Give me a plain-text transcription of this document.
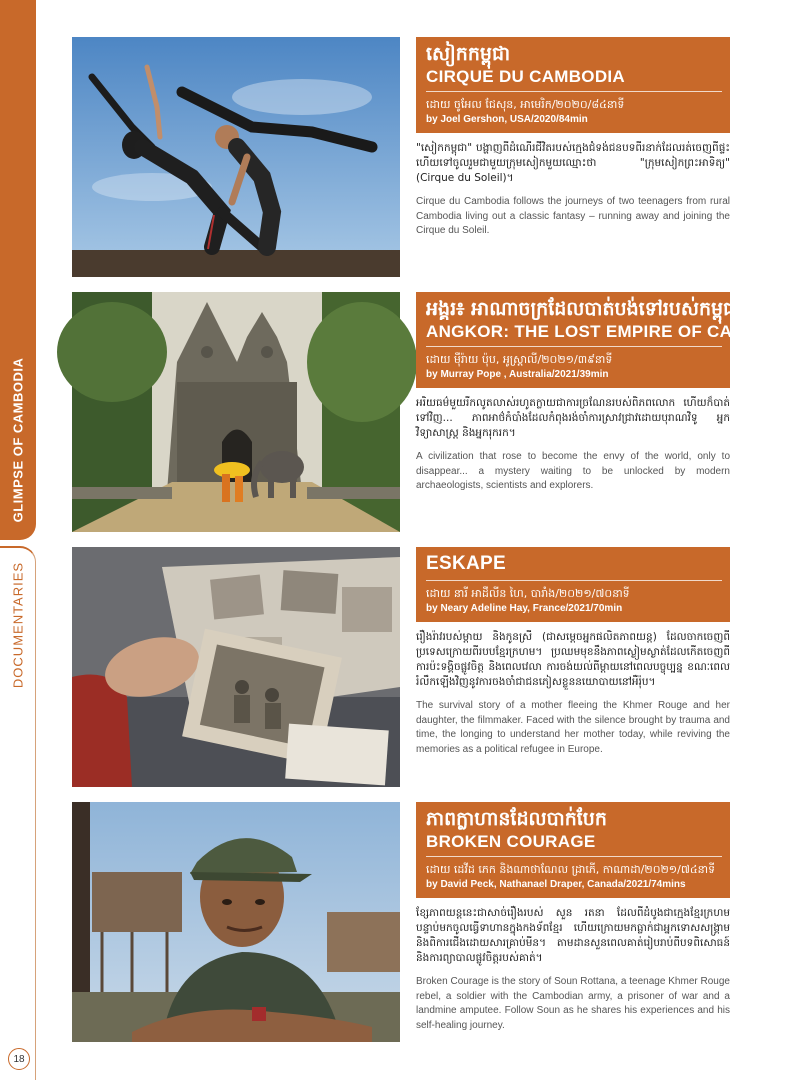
GLIMPSE OF CAMBODIA
DOCUMENTARIES
18
សៀកកម្ពុជា
CIRQUE DU CAMBODIA
ដោយ ចូអែល ជែសុន, អាមេរិក/២០២០/៨៤នាទី
by Joel Gershon, USA/2020/84min
"សៀកកម្ពុជា" បង្ហាញពីដំណើរជីវិតរបស់ក្មេងជំទង់ជនបទពីរនាក់ដែលរត់ចេញពីផ្ទះ ហើយទៅចូលរួមជាមួយក្រុមសៀកមួយឈ្មោះថា "ក្រុមសៀកព្រះអាទិត្យ" (Cirque du Soleil)។
Cirque du Cambodia follows the journeys of two teenagers from rural Cambodia living out a classic fantasy – running away and joining the Cirque du Soleil.
អង្គរ៖ អាណាចក្រដែលបាត់បង់ទៅរបស់កម្ពុជា
ANGKOR: THE LOST EMPIRE OF CAMBODIA
ដោយ ម៉ឺរ៉ាយ ប៉ុប, អូស្ត្រាលី/២០២១/៣៩នាទី
by Murray Pope , Australia/2021/39min
អរិយធម៌មួយរីកលូតលាស់រហូតក្លាយជាការច្រណែនរបស់ពិភពលោក ហើយក៏បាត់ទៅវិញ... ភាពអាថ៌កំបាំងដែលកំពុងរង់ចាំការស្រាវជ្រាវដោយបុរាណវិទូ អ្នកវិទ្យាសាស្ត្រ និងអ្នករុករក។
A civilization that rose to become the envy of the world, only to disappear... a mystery waiting to be unlocked by modern archaeologists, scientists and explorers.
ESKAPE
ដោយ នារី អាដឺលីន ហៃ, បារាំង/២០២១/៧០នាទី
by Neary Adeline Hay, France/2021/70min
រឿងរ៉ាវរបស់ម្ដាយ និងកូនស្រី (ជាសម្ដេចអ្នកផលិតភាពយន្ត) ដែលចាកចេញពីប្រទេសក្រោយពីរបបខ្មែរក្រហម។ ប្រឈមមុខនឹងភាពស្ងៀមស្ងាត់ដែលកើតចេញពីការប៉ះទង្គិចផ្លូវចិត្ត និងពេលវេលា ការចង់យល់ពីម្ដាយនៅពេលបច្ចុប្បន្ន ខណៈពេលរំលឹកឡើងវិញនូវការចងចាំជាជនភៀសខ្លួននយោបាយនៅអឺរ៉ុប។
The survival story of a mother fleeing the Khmer Rouge and her daughter, the filmmaker. Faced with the silence brought by trauma and time, the longing to understand her mother today, while reviving the memories as a political refugee in Europe.
ភាពក្លាហានដែលបាក់បែក
BROKEN COURAGE
ដោយ ដេវីដ ភេក និងណាថាណែល ដ្រាភើ, កាណាដា/២០២១/៧៤នាទី
by David Peck, Nathanael Draper, Canada/2021/74mins
ខ្សែភាពយន្តនេះជាសាច់រឿងរបស់ សួន រតនា ដែលពីដំបូងជាក្មេងខ្មែរក្រហម បន្ទាប់មកចូលធ្វើទាហានក្នុងកងទ័ពខ្មែរ ហើយក្រោយមកធ្លាក់ជាអ្នកទោសសង្គ្រាម និងពិការជើងដោយសារគ្រាប់មីន។ តាមដានសួនពេលគាត់រៀបរាប់ពីបទពិសោធន៍ និងការព្យាបាលផ្លូវចិត្តរបស់គាត់។
Broken Courage is the story of Soun Rottana, a teenage Khmer Rouge rebel, a soldier with the Cambodian army, a prisoner of war and a landmine amputee. Follow Soun as he shares his experiences and his self-healing journey.
